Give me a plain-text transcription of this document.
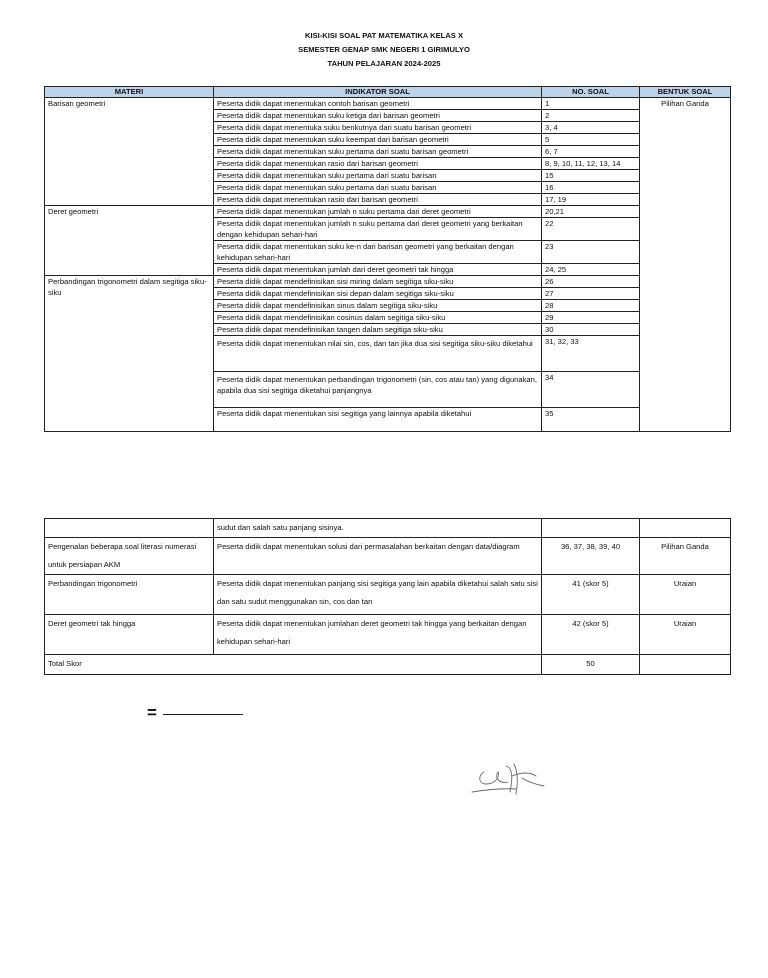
KISI-KISI SOAL PAT MATEMATIKA KELAS X
SEMESTER GENAP SMK NEGERI 1 GIRIMULYO
TAHUN PELAJARAN 2024-2025
MATERI	INDIKATOR SOAL	NO. SOAL	BENTUK SOAL
Barisan geometri	Peserta didik dapat menentukan contoh barisan geometri	1	Pilihan Ganda
	Peserta didik dapat menentukan suku ketiga dari barisan geometri	2	
	Peserta didik dapat menentuka suku berikutnya dari suatu barisan geometri	3, 4	
	Peserta didik dapat menentukan suku keempat dari barisan geometri	5	
	Peserta didik dapat menentukan suku pertama dari suatu barisan geometri	6, 7	
	Peserta didik dapat menentukan rasio dari barisan geometri	8, 9, 10, 11, 12, 13, 14	
	Peserta didik dapat menentukan suku pertama dari suatu barisan	15	
	Peserta didik dapat menentukan suku pertama dari suatu barisan	16	
	Peserta didik dapat menentukan rasio dari barisan geometri	17, 19	
Deret geometri	Peserta didik dapat menentukan jumlah n suku pertama dari deret geometri	20,21	
	Peserta didik dapat menentukan jumlah n suku pertama dari deret geometri yang berkaitan dengan kehidupan sehari-hari	22	
	Peserta didik dapat menentukan suku ke-n dari barisan geometri yang berkaitan dengan kehidupan sehari-hari	23	
	Peserta didik dapat menentukan jumlah dari deret geometri tak hingga	24, 25	
Perbandingan trigonometri dalam segitiga siku-siku	Peserta didik dapat mendefinisikan sisi miring dalam segitiga siku-siku	26	
	Peserta didik dapat mendefinisikan sisi depan dalam segitiga siku-siku	27	
	Peserta didik dapat mendefinisikan sinus dalam segitiga siku-siku	28	
	Peserta didik dapat mendefinisikan cosinus dalam segitiga siku-siku	29	
	Peserta didik dapat mendefinisikan tangen dalam segitiga siku-siku	30	
	Peserta didik dapat menentukan nilai sin, cos, dan tan jika dua sisi segitiga siku-siku diketahui	31, 32, 33	
	Peserta didik dapat menentukan perbandingan trigonometri (sin, cos atau tan) yang digunakan, apabila dua sisi segitiga diketahui panjangnya	34	
	Peserta didik dapat menentukan sisi segitiga yang lainnya apabila diketahui	35	
	sudut dan salah satu panjang sisinya.		
Pengenalan beberapa soal literasi numerasi untuk persiapan AKM	Peserta didik dapat menentukan solusi dari permasalahan berkaitan dengan data/diagram	36, 37, 38, 39, 40	Pilihan Ganda
Perbandingan trigonometri	Peserta didik dapat menentukan panjang sisi segitiga yang lain apabila diketahui salah satu sisi dan satu sudut menggunakan sin, cos dan tan	41 (skor 5)	Uraian
Deret geometri tak hingga	Peserta didik dapat menentukan jumlahan deret geometri tak hingga yang berkaitan dengan kehidupan sehari-hari	42 (skor 5)	Uraian
Total Skor		50	
=
